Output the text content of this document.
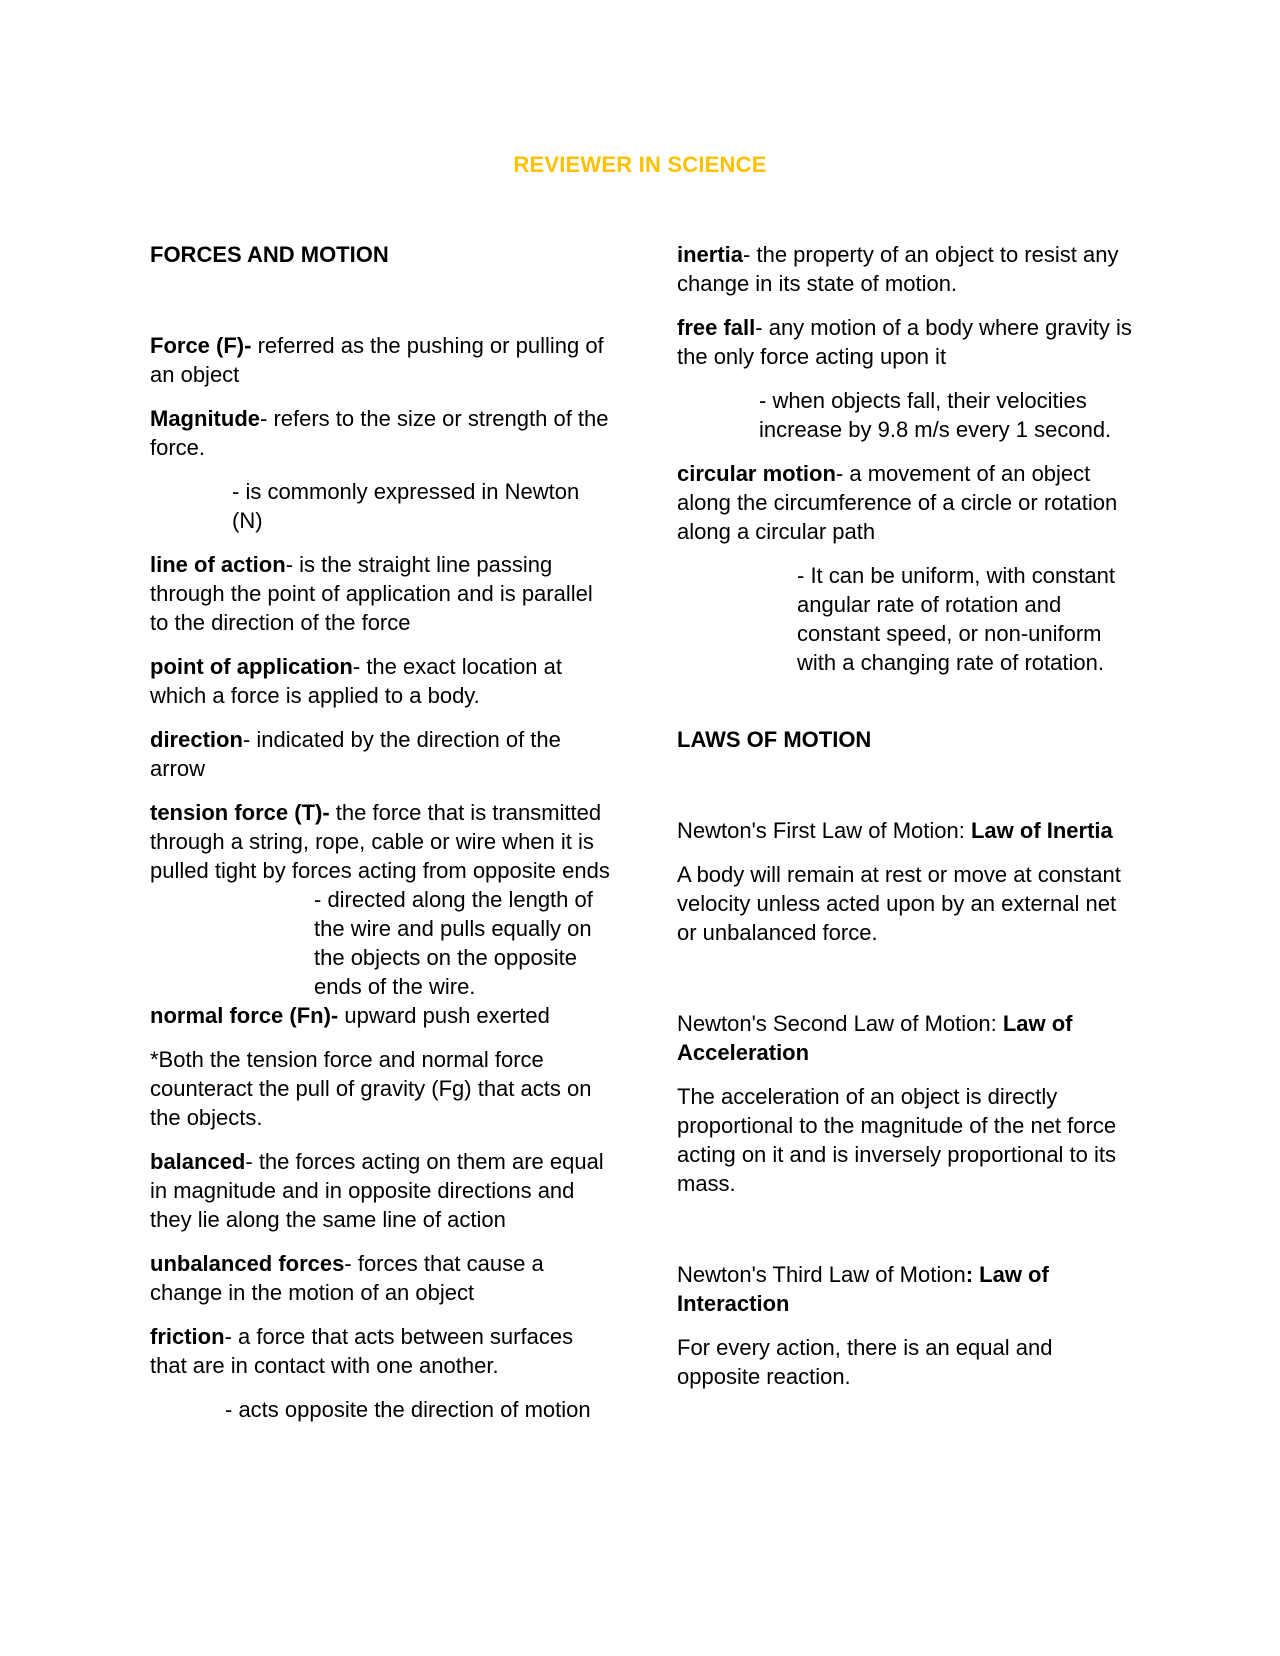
REVIEWER IN SCIENCE

FORCES AND MOTION

Force (F)- referred as the pushing or pulling of an object

Magnitude- refers to the size or strength of the force.

- is commonly expressed in Newton (N)

line of action- is the straight line passing through the point of application and is parallel to the direction of the force

point of application- the exact location at which a force is applied to a body.

direction- indicated by the direction of the arrow

tension force (T)- the force that is transmitted through a string, rope, cable or wire when it is pulled tight by forces acting from opposite ends

- directed along the length of the wire and pulls equally on the objects on the opposite ends of the wire.

normal force (Fn)- upward push exerted

*Both the tension force and normal force counteract the pull of gravity (Fg) that acts on the objects.

balanced- the forces acting on them are equal in magnitude and in opposite directions and they lie along the same line of action

unbalanced forces- forces that cause a change in the motion of an object

friction- a force that acts between surfaces that are in contact with one another.

- acts opposite the direction of motion

inertia- the property of an object to resist any change in its state of motion.

free fall- any motion of a body where gravity is the only force acting upon it

- when objects fall, their velocities increase by 9.8 m/s every 1 second.

circular motion- a movement of an object along the circumference of a circle or rotation along a circular path

- It can be uniform, with constant angular rate of rotation and constant speed, or non-uniform with a changing rate of rotation.

LAWS OF MOTION

Newton's First Law of Motion: Law of Inertia

A body will remain at rest or move at constant velocity unless acted upon by an external net or unbalanced force.

Newton's Second Law of Motion: Law of Acceleration

The acceleration of an object is directly proportional to the magnitude of the net force acting on it and is inversely proportional to its mass.

Newton's Third Law of Motion: Law of Interaction

For every action, there is an equal and opposite reaction.
